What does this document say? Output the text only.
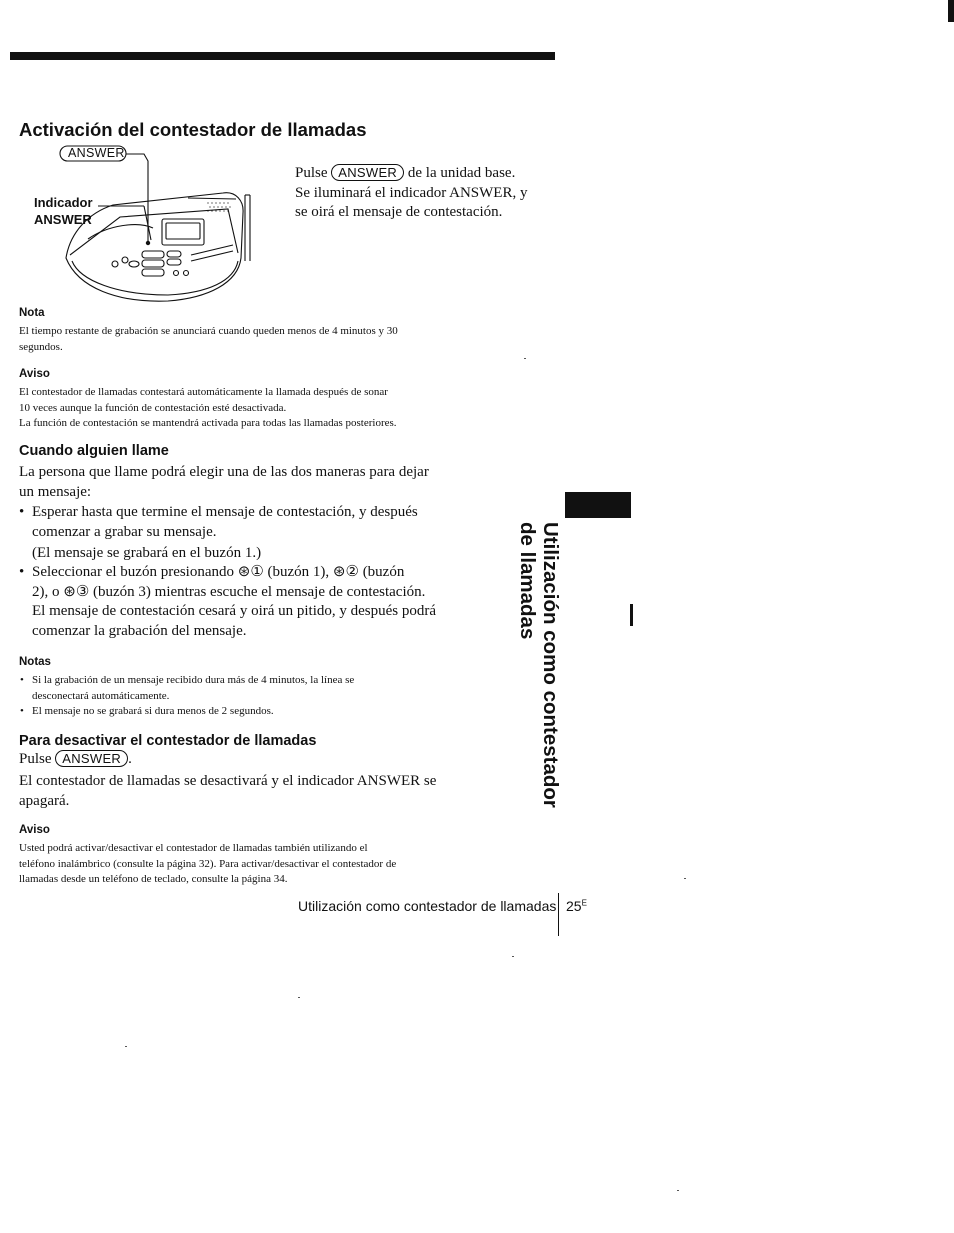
Activación del contestador de llamadas
ANSWER
Indicador
ANSWER
Pulse ANSWER de la unidad base.
Se iluminará el indicador ANSWER, y
se oirá el mensaje de contestación.
Nota
El tiempo restante de grabación se anunciará cuando queden menos de 4 minutos y 30
segundos.
Aviso
El contestador de llamadas contestará automáticamente la llamada después de sonar
10 veces aunque la función de contestación esté desactivada.
La función de contestación se mantendrá activada para todas las llamadas posteriores.
Cuando alguien llame
La persona que llame podrá elegir una de las dos maneras para dejar
un mensaje:
• Esperar hasta que termine el mensaje de contestación, y después
comenzar a grabar su mensaje.
(El mensaje se grabará en el buzón 1.)
• Seleccionar el buzón presionando ⊛① (buzón 1), ⊛② (buzón
2), o ⊛③ (buzón 3) mientras escuche el mensaje de contestación.
El mensaje de contestación cesará y oirá un pitido, y después podrá
comenzar la grabación del mensaje.
Notas
• Si la grabación de un mensaje recibido dura más de 4 minutos, la línea se
desconectará automáticamente.
• El mensaje no se grabará si dura menos de 2 segundos.
Para desactivar el contestador de llamadas
Pulse ANSWER .
El contestador de llamadas se desactivará y el indicador ANSWER se
apagará.
Aviso
Usted podrá activar/desactivar el contestador de llamadas también utilizando el
teléfono inalámbrico (consulte la página 32). Para activar/desactivar el contestador de
llamadas desde un teléfono de teclado, consulte la página 34.
Utilización como contestador
de llamadas
Utilización como contestador de llamadas $25^E$
